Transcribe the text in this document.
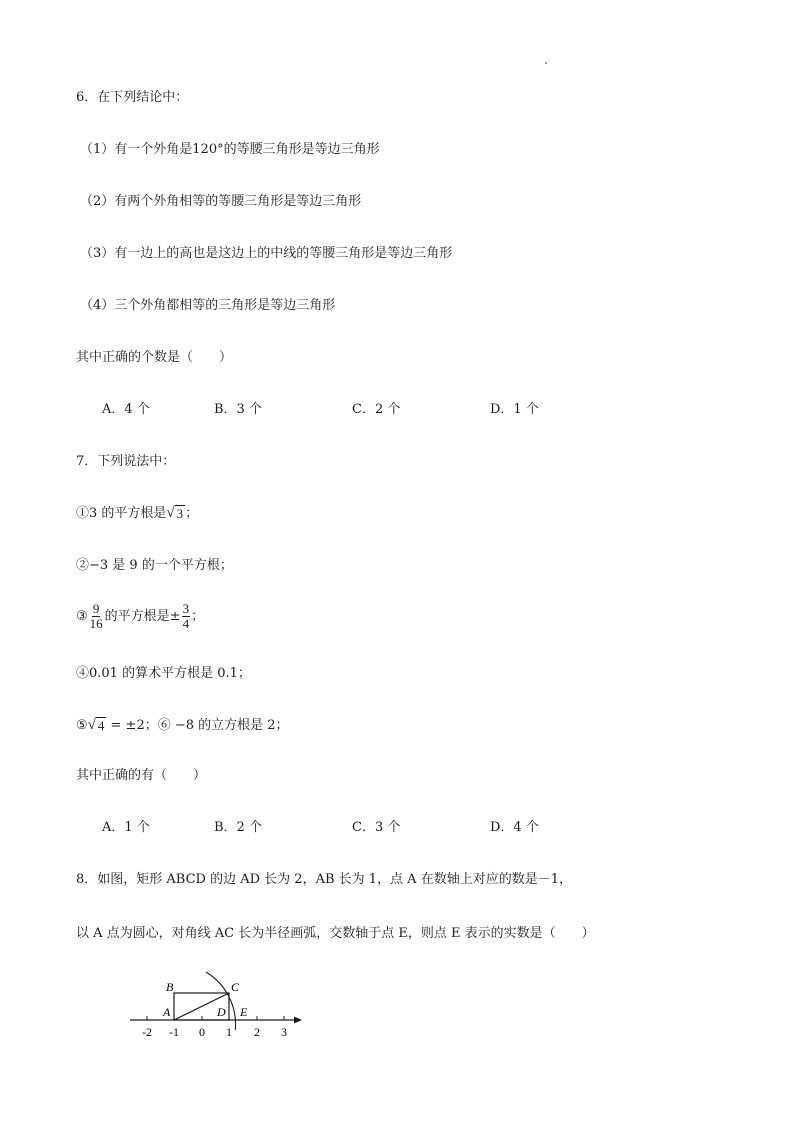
6．在下列结论中：
（1）有一个外角是120°的等腰三角形是等边三角形
（2）有两个外角相等的等腰三角形是等边三角形
（3）有一边上的高也是这边上的中线的等腰三角形是等边三角形
（4）三个外角都相等的三角形是等边三角形
其中正确的个数是（　　）
A．4 个	B．3 个	C．2 个	D．1 个
7．下列说法中：
①3 的平方根是 √ 3 ；
②−3 是 9 的一个平方根；
③ $\frac{9}{16}$ 的平方根是± $\frac{3}{4}$ ；
④0.01 的算术平方根是 0.1；
⑤ √ 4 = ±2；⑥ −8 的立方根是 2；
其中正确的有（　　）
A．1 个	B．2 个	C．3 个	D．4 个
8．如图，矩形 ABCD 的边 AD 长为 2，AB 长为 1，点 A 在数轴上对应的数是－1，
以 A 点为圆心，对角线 AC 长为半径画弧，交数轴于点 E，则点 E 表示的实数是（　　）
-2 -1 0 1 2 3
B	C
A	D E
